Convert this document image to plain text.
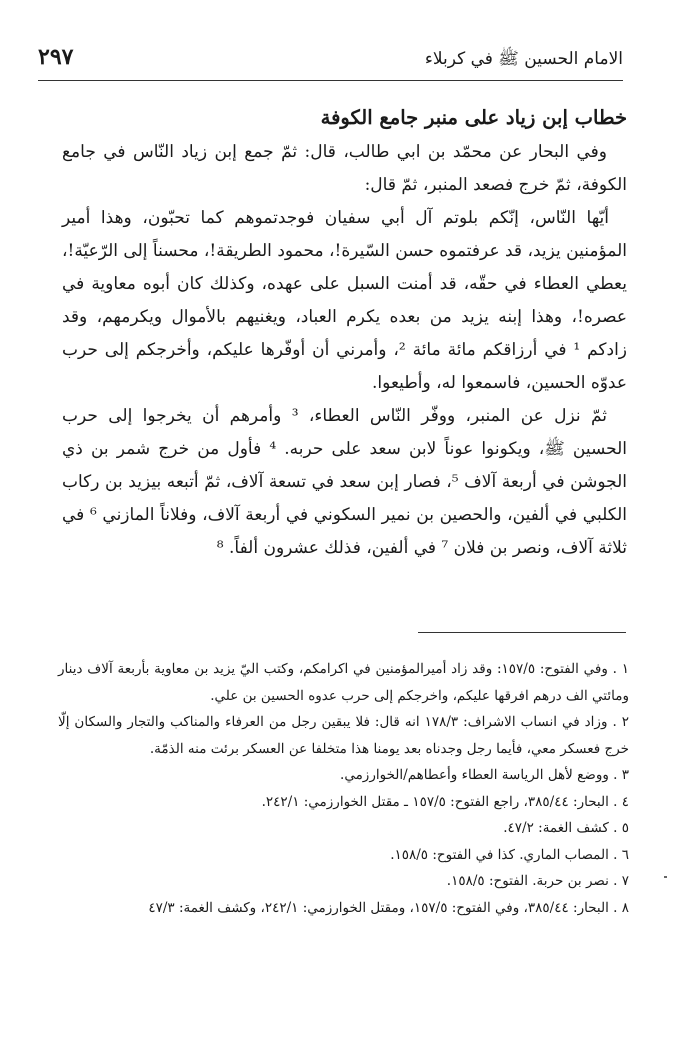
الامام الحسين ﷺ في كربلاء
٢٩٧
خطاب إبن زياد على منبر جامع الكوفة

وفي البحار عن محمّد بن ابي طالب، قال: ثمّ جمع إبن زياد النّاس في جامع الكوفة، ثمّ خرج فصعد المنبر، ثمّ قال:

أيّها النّاس، إنّكم بلوتم آل أبي سفيان فوجدتموهم كما تحبّون، وهذا أمير المؤمنين يزيد، قد عرفتموه حسن السّيرة!، محمود الطريقة!، محسناً إلى الرّعيّة!، يعطي العطاء في حقّه، قد أمنت السبل على عهده، وكذلك كان أبوه معاوية في عصره!، وهذا إبنه يزيد من بعده يكرم العباد، ويغنيهم بالأموال ويكرمهم، وقد زادكم ¹ في أرزاقكم مائة مائة ²، وأمرني أن أوفّرها عليكم، وأخرجكم إلى حرب عدوّه الحسين، فاسمعوا له، وأطيعوا.

ثمّ نزل عن المنبر، ووفّر النّاس العطاء، ³ وأمرهم أن يخرجوا إلى حرب الحسين ﷺ، ويكونوا عوناً لابن سعد على حربه. ⁴ فأول من خرج شمر بن ذي الجوشن في أربعة آلاف ⁵، فصار إبن سعد في تسعة آلاف، ثمّ أتبعه بيزيد بن ركاب الكلبي في ألفين، والحصين بن نمير السكوني في أربعة آلاف، وفلاناً المازني ⁶ في ثلاثة آلاف، ونصر بن فلان ⁷ في ألفين، فذلك عشرون ألفاً. ⁸

١ . وفي الفتوح: ١٥٧/٥: وقد زاد أميرالمؤمنين في اكرامكم، وكتب اليّ يزيد بن معاوية بأربعة آلاف دينار ومائتي الف درهم افرقها عليكم، واخرجكم إلى حرب عدوه الحسين بن علي.
٢ . وزاد في انساب الاشراف: ١٧٨/٣ انه قال: فلا يبقين رجل من العرفاء والمناكب والتجار والسكان إلّا خرج فعسكر معي، فأيما رجل وجدناه بعد يومنا هذا متخلفا عن العسكر برئت منه الذمّة.
٣ . ووضع لأهل الرياسة العطاء وأعطاهم/الخوارزمي.
٤ . البحار: ٣٨٥/٤٤، راجع الفتوح: ١٥٧/٥ ـ مقتل الخوارزمي: ٢٤٢/١.
٥ . كشف الغمة: ٤٧/٢.
٦ . المصاب الماري. كذا في الفتوح: ١٥٨/٥.
٧ . نصر بن حربة. الفتوح: ١٥٨/٥.
٨ . البحار: ٣٨٥/٤٤، وفي الفتوح: ١٥٧/٥، ومقتل الخوارزمي: ٢٤٢/١، وكشف الغمة: ٤٧/٣
